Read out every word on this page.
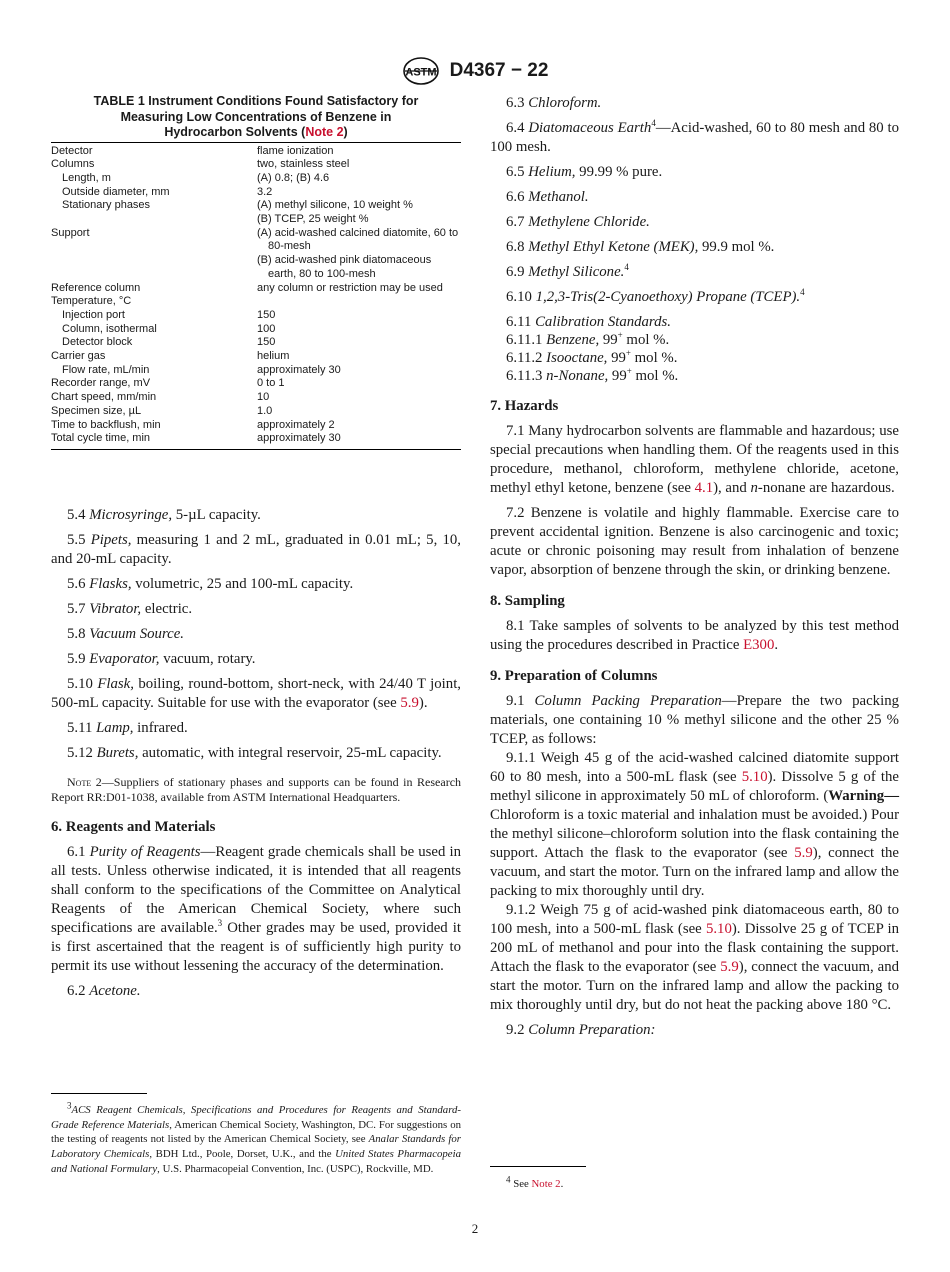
ASTM D4367 − 22
TABLE 1 Instrument Conditions Found Satisfactory for
Measuring Low Concentrations of Benzene in
Hydrocarbon Solvents (Note 2)
Detector	flame ionization

Columns	two, stainless steel

Length, m	(A) 0.8; (B) 4.6

Outside diameter, mm	3.2

Stationary phases	(A) methyl silicone, 10 weight %

	(B) TCEP, 25 weight %

Support	(A) acid-washed calcined diatomite, 60 to 80-mesh

	(B) acid-washed pink diatomaceous earth, 80 to 100-mesh

Reference column	any column or restriction may be used

Temperature, °C	

Injection port	150

Column, isothermal	100

Detector block	150

Carrier gas	helium

Flow rate, mL/min	approximately 30

Recorder range, mV	0 to 1

Chart speed, mm/min	10

Specimen size, µL	1.0

Time to backflush, min	approximately 2

Total cycle time, min	approximately 30

5.4 Microsyringe, 5-µL capacity.

5.5 Pipets, measuring 1 and 2 mL, graduated in 0.01 mL; 5, 10, and 20-mL capacity.

5.6 Flasks, volumetric, 25 and 100-mL capacity.

5.7 Vibrator, electric.

5.8 Vacuum Source.

5.9 Evaporator, vacuum, rotary.

5.10 Flask, boiling, round-bottom, short-neck, with 24/40 T joint, 500-mL capacity. Suitable for use with the evaporator (see 5.9).

5.11 Lamp, infrared.

5.12 Burets, automatic, with integral reservoir, 25-mL capacity.

Note 2—Suppliers of stationary phases and supports can be found in Research Report RR:D01-1038, available from ASTM International Headquarters.
6. Reagents and Materials

6.1 Purity of Reagents—Reagent grade chemicals shall be used in all tests. Unless otherwise indicated, it is intended that all reagents shall conform to the specifications of the Committee on Analytical Reagents of the American Chemical Society, where such specifications are available.$^3$ Other grades may be used, provided it is first ascertained that the reagent is of sufficiently high purity to permit its use without lessening the accuracy of the determination.

6.2 Acetone.

$^3$ACS Reagent Chemicals, Specifications and Procedures for Reagents and Standard-Grade Reference Materials, American Chemical Society, Washington, DC. For suggestions on the testing of reagents not listed by the American Chemical Society, see Analar Standards for Laboratory Chemicals, BDH Ltd., Poole, Dorset, U.K., and the United States Pharmacopeia and National Formulary, U.S. Pharmacopeial Convention, Inc. (USPC), Rockville, MD.

6.3 Chloroform.

6.4 Diatomaceous Earth$^4$—Acid-washed, 60 to 80 mesh and 80 to 100 mesh.

6.5 Helium, 99.99 % pure.

6.6 Methanol.

6.7 Methylene Chloride.

6.8 Methyl Ethyl Ketone (MEK), 99.9 mol %.

6.9 Methyl Silicone.$^4$

6.10 1,2,3-Tris(2-Cyanoethoxy) Propane (TCEP).$^4$

6.11 Calibration Standards.

6.11.1 Benzene, 99+ mol %.

6.11.2 Isooctane, 99+ mol %.

6.11.3 n-Nonane, 99+ mol %.

7. Hazards

7.1 Many hydrocarbon solvents are flammable and hazardous; use special precautions when handling them. Of the reagents used in this procedure, methanol, chloroform, methylene chloride, acetone, methyl ethyl ketone, benzene (see 4.1), and n-nonane are hazardous.

7.2 Benzene is volatile and highly flammable. Exercise care to prevent accidental ignition. Benzene is also carcinogenic and toxic; acute or chronic poisoning may result from inhalation of benzene vapor, absorption of benzene through the skin, or drinking benzene.

8. Sampling

8.1 Take samples of solvents to be analyzed by this test method using the procedures described in Practice E300.

9. Preparation of Columns

9.1 Column Packing Preparation—Prepare the two packing materials, one containing 10 % methyl silicone and the other 25 % TCEP, as follows:

9.1.1 Weigh 45 g of the acid-washed calcined diatomite support 60 to 80 mesh, into a 500-mL flask (see 5.10). Dissolve 5 g of the methyl silicone in approximately 50 mL of chloroform. (Warning—Chloroform is a toxic material and inhalation must be avoided.) Pour the methyl silicone–chloroform solution into the flask containing the support. Attach the flask to the evaporator (see 5.9), connect the vacuum, and start the motor. Turn on the infrared lamp and allow the packing to mix thoroughly until dry.

9.1.2 Weigh 75 g of acid-washed pink diatomaceous earth, 80 to 100 mesh, into a 500-mL flask (see 5.10). Dissolve 25 g of TCEP in 200 mL of methanol and pour into the flask containing the support. Attach the flask to the evaporator (see 5.9), connect the vacuum, and start the motor. Turn on the infrared lamp and allow the packing to mix thoroughly until dry, but do not heat the packing above 180 °C.

9.2 Column Preparation:

$^4$ See Note 2.
2
